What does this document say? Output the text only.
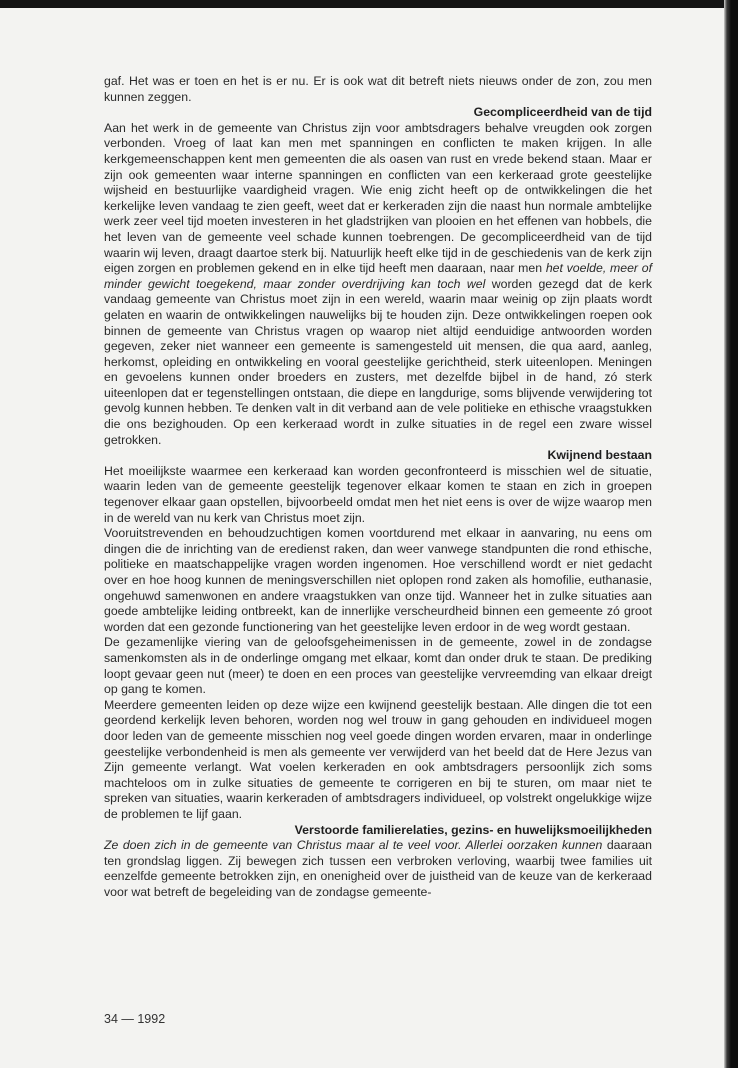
gaf. Het was er toen en het is er nu. Er is ook wat dit betreft niets nieuws onder de zon, zou men kunnen zeggen.

Gecompliceerdheid van de tijd

Aan het werk in de gemeente van Christus zijn voor ambtsdragers behalve vreugden ook zorgen verbonden. Vroeg of laat kan men met spanningen en conflicten te maken krijgen. In alle kerkgemeenschappen kent men gemeenten die als oasen van rust en vrede bekend staan. Maar er zijn ook gemeenten waar interne spanningen en conflicten van een kerkeraad grote geestelijke wijsheid en bestuurlijke vaardigheid vragen. Wie enig zicht heeft op de ontwikkelingen die het kerkelijke leven vandaag te zien geeft, weet dat er kerkeraden zijn die naast hun normale ambtelijke werk zeer veel tijd moeten investeren in het gladstrijken van plooien en het effenen van hobbels, die het leven van de gemeente veel schade kunnen toebrengen. De gecompliceerdheid van de tijd waarin wij leven, draagt daartoe sterk bij. Natuurlijk heeft elke tijd in de geschiedenis van de kerk zijn eigen zorgen en problemen gekend en in elke tijd heeft men daaraan, naar men het voelde, meer of minder gewicht toegekend, maar zonder overdrijving kan toch wel worden gezegd dat de kerk vandaag gemeente van Christus moet zijn in een wereld, waarin maar weinig op zijn plaats wordt gelaten en waarin de ontwikkelingen nauwelijks bij te houden zijn. Deze ontwikkelingen roepen ook binnen de gemeente van Christus vragen op waarop niet altijd eenduidige antwoorden worden gegeven, zeker niet wanneer een gemeente is samengesteld uit mensen, die qua aard, aanleg, herkomst, opleiding en ontwikkeling en vooral geestelijke gerichtheid, sterk uiteenlopen. Meningen en gevoelens kunnen onder broeders en zusters, met dezelfde bijbel in de hand, zó sterk uiteenlopen dat er tegenstellingen ontstaan, die diepe en langdurige, soms blijvende verwijdering tot gevolg kunnen hebben. Te denken valt in dit verband aan de vele politieke en ethische vraagstukken die ons bezighouden. Op een kerkeraad wordt in zulke situaties in de regel een zware wissel getrokken.

Kwijnend bestaan

Het moeilijkste waarmee een kerkeraad kan worden geconfronteerd is misschien wel de situatie, waarin leden van de gemeente geestelijk tegenover elkaar komen te staan en zich in groepen tegenover elkaar gaan opstellen, bijvoorbeeld omdat men het niet eens is over de wijze waarop men in de wereld van nu kerk van Christus moet zijn.

Vooruitstrevenden en behoudzuchtigen komen voortdurend met elkaar in aanvaring, nu eens om dingen die de inrichting van de eredienst raken, dan weer vanwege standpunten die rond ethische, politieke en maatschappelijke vragen worden ingenomen. Hoe verschillend wordt er niet gedacht over en hoe hoog kunnen de meningsverschillen niet oplopen rond zaken als homofilie, euthanasie, ongehuwd samenwonen en andere vraagstukken van onze tijd. Wanneer het in zulke situaties aan goede ambtelijke leiding ontbreekt, kan de innerlijke verscheurdheid binnen een gemeente zó groot worden dat een gezonde functionering van het geestelijke leven erdoor in de weg wordt gestaan.

De gezamenlijke viering van de geloofsgeheimenissen in de gemeente, zowel in de zondagse samenkomsten als in de onderlinge omgang met elkaar, komt dan onder druk te staan. De prediking loopt gevaar geen nut (meer) te doen en een proces van geestelijke vervreemding van elkaar dreigt op gang te komen.

Meerdere gemeenten leiden op deze wijze een kwijnend geestelijk bestaan. Alle dingen die tot een geordend kerkelijk leven behoren, worden nog wel trouw in gang gehouden en individueel mogen door leden van de gemeente misschien nog veel goede dingen worden ervaren, maar in onderlinge geestelijke verbondenheid is men als gemeente ver verwijderd van het beeld dat de Here Jezus van Zijn gemeente verlangt. Wat voelen kerkeraden en ook ambtsdragers persoonlijk zich soms machteloos om in zulke situaties de gemeente te corrigeren en bij te sturen, om maar niet te spreken van situaties, waarin kerkeraden of ambtsdragers individueel, op volstrekt ongelukkige wijze de problemen te lijf gaan.

Verstoorde familierelaties, gezins- en huwelijksmoeilijkheden

Ze doen zich in de gemeente van Christus maar al te veel voor. Allerlei oorzaken kunnen daaraan ten grondslag liggen. Zij bewegen zich tussen een verbroken verloving, waarbij twee families uit eenzelfde gemeente betrokken zijn, en onenigheid over de juistheid van de keuze van de kerkeraad voor wat betreft de begeleiding van de zondagse gemeente-

34 — 1992
